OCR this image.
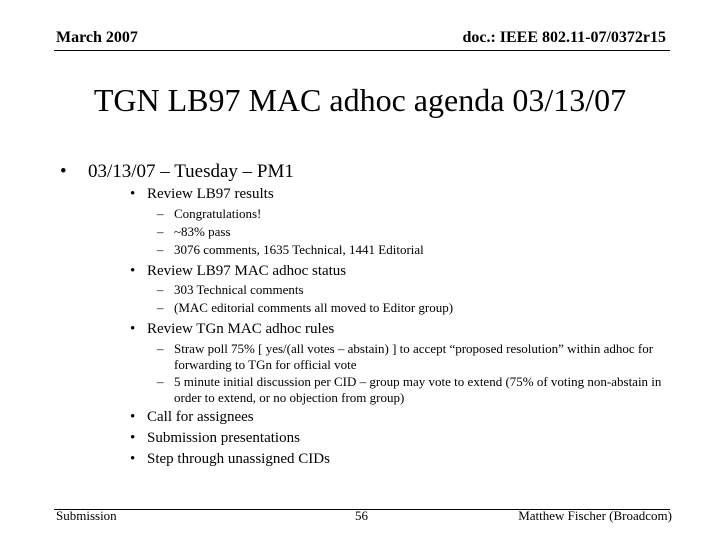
March 2007	doc.: IEEE 802.11-07/0372r15
TGN LB97 MAC adhoc agenda 03/13/07
• 03/13/07 – Tuesday – PM1
• Review LB97 results
– Congratulations!
– ~83% pass
– 3076 comments, 1635 Technical, 1441 Editorial
• Review LB97 MAC adhoc status
– 303 Technical comments
– (MAC editorial comments all moved to Editor group)
• Review TGn MAC adhoc rules
– Straw poll 75% [ yes/(all votes – abstain) ] to accept “proposed resolution” within adhoc for forwarding to TGn for official vote
– 5 minute initial discussion per CID – group may vote to extend (75% of voting non-abstain in order to extend, or no objection from group)
• Call for assignees
• Submission presentations
• Step through unassigned CIDs
Submission	56	Matthew Fischer (Broadcom)
